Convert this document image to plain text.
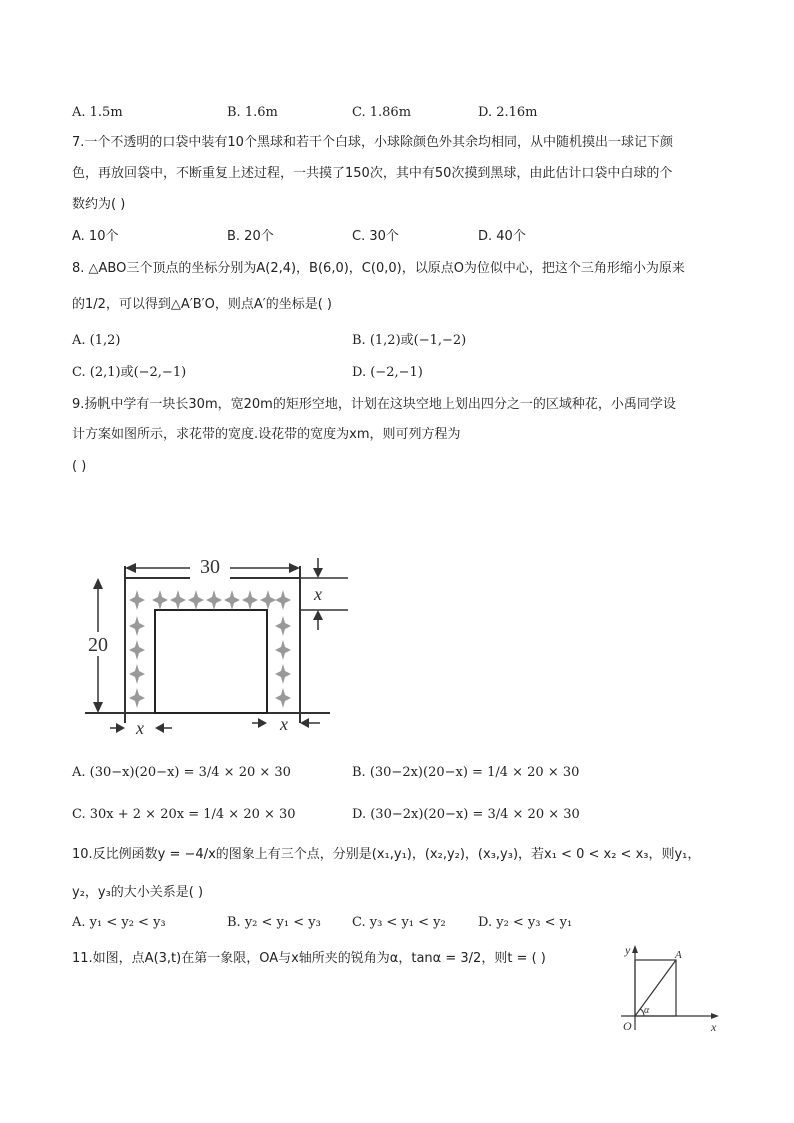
A. 1.5m	B. 1.6m	C. 1.86m	D. 2.16m
7.一个不透明的口袋中装有10个黑球和若干个白球，小球除颜色外其余均相同，从中随机摸出一球记下颜
色，再放回袋中，不断重复上述过程，一共摸了150次，其中有50次摸到黑球，由此估计口袋中白球的个
数约为( )
A. 10个	B. 20个	C. 30个	D. 40个
8. △ABO三个顶点的坐标分别为A(2,4)，B(6,0)，C(0,0)，以原点O为位似中心，把这个三角形缩小为原来
的1/2，可以得到△A′B′O，则点A′的坐标是( )
A. (1,2)	B. (1,2)或(−1,−2)
C. (2,1)或(−2,−1)	D. (−2,−1)
9.扬帆中学有一块长30m，宽20m的矩形空地，计划在这块空地上划出四分之一的区域种花，小禹同学设
计方案如图所示，求花带的宽度.设花带的宽度为xm，则可列方程为
( )
30
20
x
x	x
A. (30−x)(20−x) = 3/4 × 20 × 30	B. (30−2x)(20−x) = 1/4 × 20 × 30
C. 30x + 2 × 20x = 1/4 × 20 × 30	D. (30−2x)(20−x) = 3/4 × 20 × 30
10.反比例函数y = −4/x的图象上有三个点，分别是(x₁,y₁)，(x₂,y₂)，(x₃,y₃)，若x₁ < 0 < x₂ < x₃，则y₁，
y₂，y₃的大小关系是( )
A. y₁ < y₂ < y₃	B. y₂ < y₁ < y₃ C. y₃ < y₁ < y₂ D. y₂ < y₃ < y₁
11.如图，点A(3,t)在第一象限，OA与x轴所夹的锐角为α，tanα = 3/2，则t = ( )
y
x
O
A
α
